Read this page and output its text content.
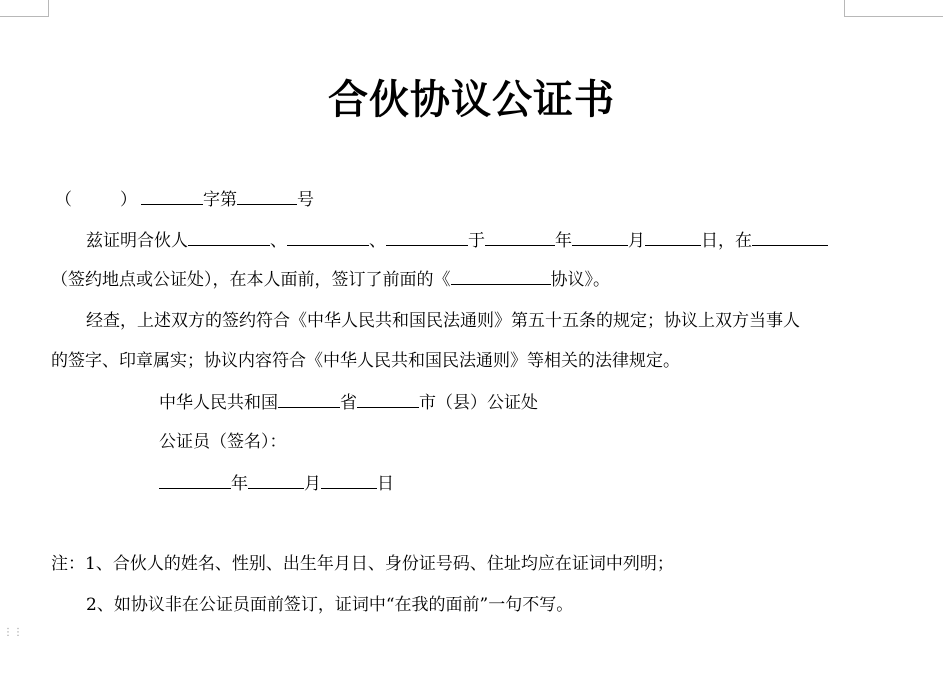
合伙协议公证书
（	）	字第	号
兹证明合伙人	、	、	于	年	月	日，在
（签约地点或公证处），在本人面前，签订了前面的《	协议》。
经查，上述双方的签约符合《中华人民共和国民法通则》第五十五条的规定；协议上双方当事人
的签字、印章属实；协议内容符合《中华人民共和国民法通则》等相关的法律规定。
中华人民共和国	省	市（县）公证处
公证员（签名）：
年	月	日
注：1、合伙人的姓名、性别、出生年月日、身份证号码、住址均应在证词中列明；
2、如协议非在公证员面前签订，证词中“在我的面前”一句不写。
⋮⋮
